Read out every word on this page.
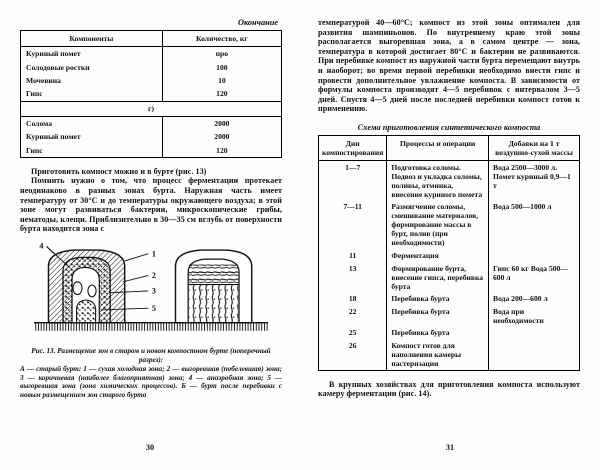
Окончание
Компоненты	Количество, кг
Куриный помет	про
Солодовые ростки	100
Мочевина	10
Гипс	120
г)	
Солома	2000
Куриный помет	2000
Гипс	120

Приготовить компост можно и в бурте (рис. 13)

Помнить нужно о том, что процесс ферментации протекает неодинаково в разных зонах бурта. Наружная часть имеет температуру от 30°С и до температуры окружающего воздуха; в этой зоне могут развиваться бактерии, микроскопические грибы, нематоды, клещи. Приблизительно в 30—35 см вглубь от поверхности бурта находится зона с

1
2
3
5
4
Рис. 13. Размещение зон в старом и новом компостном бурте (поперечный разрез):
А — старый бурт: 1 — сухая холодная зона; 2 — выгоревшая (побелевшая) зона; 3 — коричневая (наиболее благоприятная) зона; 4 — анаэробная зона; 5 — выгоревшая зона (зона химических процессов). Б — бурт после перебивки с новым размещением зон старого бурта
30

температурой 40—60°С; компост из этой зоны оптимален для развития шампиньонов. По внутреннему краю этой зоны располагается выгоревшая зона, а в самом центре — зона, температура в которой достигает 80°С и бактерии не развиваются. При перебивке компост из наружной части бурта перемещают внутрь и наоборот; во время первой перебивки необходимо внести гипс и провести дополнительное увлажнение компоста. В зависимости от формулы компоста производят 4—5 перебивок с интервалом 3—5 дней. Спустя 4—5 дней после последней перебивки компост готов к применению.

Схема приготовления синтетического компоста
Дни компостирования	Процессы и операции	Добавки на 1 т воздушно-сухой массы
1—7	Подготовка соломы. Подвоз и укладка соломы, поливы, отминка, внесение куриного помета	Вода 2500—3000 л. Помет куриный 0,9—1 т
7—11	Размягчение соломы, смешивание материалов, формирование массы в бурт, полив (при необходимости)	Вода 500—1000 л
11	Ферментация	
13	Формирование бурта, внесение гипса, перебивка бурта	Гипс 60 кг Вода 500—600 л
18	Перебивка бурта	Вода 200—600 л
22	Перебивка бурта	Вода при необходимости
25	Перебивка бурта	
26	Компост готов для наполнения камеры пастеризации	

В крупных хозяйствах для приготовления компоста используют камеру ферментации (рис. 14).

31
